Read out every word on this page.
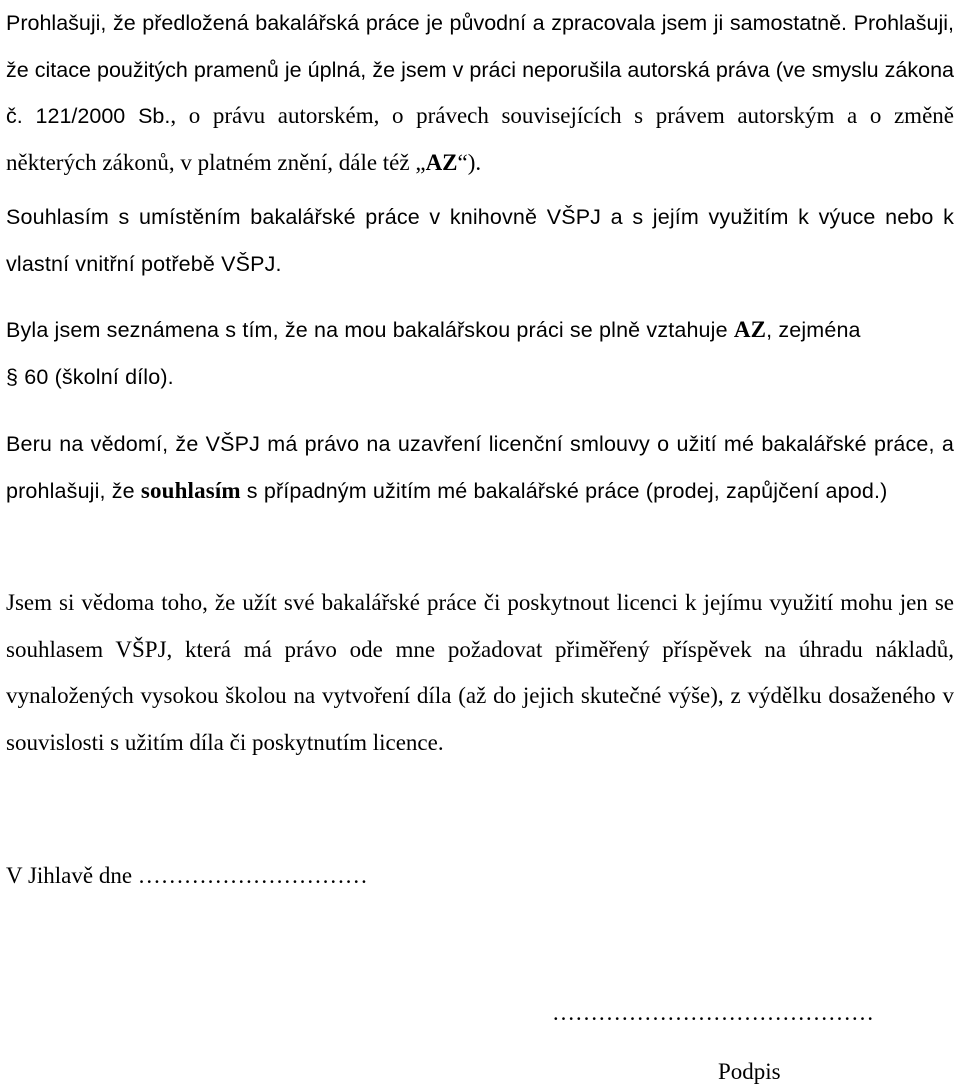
Prohlašuji, že předložená bakalářská práce je původní a zpracovala jsem ji samostatně. Prohlašuji, že citace použitých pramenů je úplná, že jsem v práci neporušila autorská práva (ve smyslu zákona č. 121/2000 Sb., o právu autorském, o právech souvisejících s právem autorským a o změně některých zákonů, v platném znění, dále též „AZ“).

Souhlasím s umístěním bakalářské práce v knihovně VŠPJ a s jejím využitím k výuce nebo k vlastní vnitřní potřebě VŠPJ.

Byla jsem seznámena s tím, že na mou bakalářskou práci se plně vztahuje AZ, zejména
§ 60 (školní dílo).

Beru na vědomí, že VŠPJ má právo na uzavření licenční smlouvy o užití mé bakalářské práce, a prohlašuji, že souhlasím s případným užitím mé bakalářské práce (prodej, zapůjčení apod.)

Jsem si vědoma toho, že užít své bakalářské práce či poskytnout licenci k jejímu využití mohu jen se souhlasem VŠPJ, která má právo ode mne požadovat přiměřený příspěvek na úhradu nákladů, vynaložených vysokou školou na vytvoření díla (až do jejich skutečné výše), z výdělku dosaženého v souvislosti s užitím díla či poskytnutím licence.

V Jihlavě dne …………………………
……………………………………
Podpis
